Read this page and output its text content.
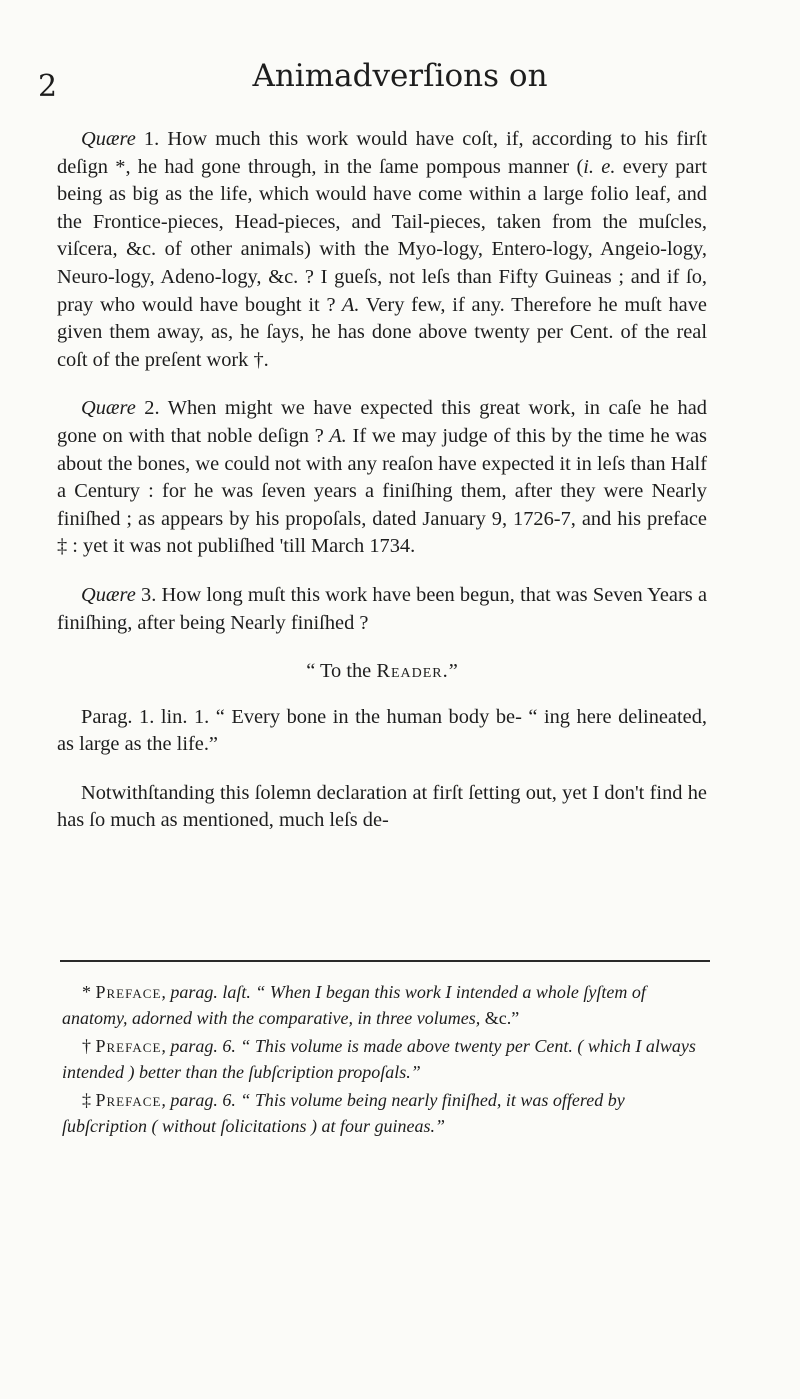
2	Animadverſions on

Quære 1. How much this work would have coſt, if, according to his firſt deſign *, he had gone through, in the ſame pompous manner (i. e. every part being as big as the life, which would have come within a large folio leaf, and the Frontice-pieces, Head-pieces, and Tail-pieces, taken from the muſcles, viſcera, &c. of other animals) with the Myo-logy, Entero-logy, Angeio-logy, Neuro-logy, Adeno-logy, &c. ? I gueſs, not leſs than Fifty Guineas ; and if ſo, pray who would have bought it ? A. Very few, if any. Therefore he muſt have given them away, as, he ſays, he has done above twenty per Cent. of the real coſt of the preſent work †.

Quære 2. When might we have expected this great work, in caſe he had gone on with that noble deſign ? A. If we may judge of this by the time he was about the bones, we could not with any reaſon have expected it in leſs than Half a Century : for he was ſeven years a finiſhing them, after they were Nearly finiſhed ; as appears by his propoſals, dated January 9, 1726-7, and his preface ‡ : yet it was not publiſhed 'till March 1734.

Quære 3. How long muſt this work have been begun, that was Seven Years a finiſhing, after being Nearly finiſhed ?

“ To the Reader.”

Parag. 1. lin. 1. “ Every bone in the human body be- “ ing here delineated, as large as the life.”

Notwithſtanding this ſolemn declaration at firſt ſetting out, yet I don't find he has ſo much as mentioned, much leſs de-

* Preface, parag. laſt. “ When I began this work I intended a whole ſyſtem of anatomy, adorned with the comparative, in three volumes, &c.”

† Preface, parag. 6. “ This volume is made above twenty per Cent. ( which I always intended ) better than the ſubſcription propoſals.”

‡ Preface, parag. 6. “ This volume being nearly finiſhed, it was offered by ſubſcription ( without ſolicitations ) at four guineas.”
